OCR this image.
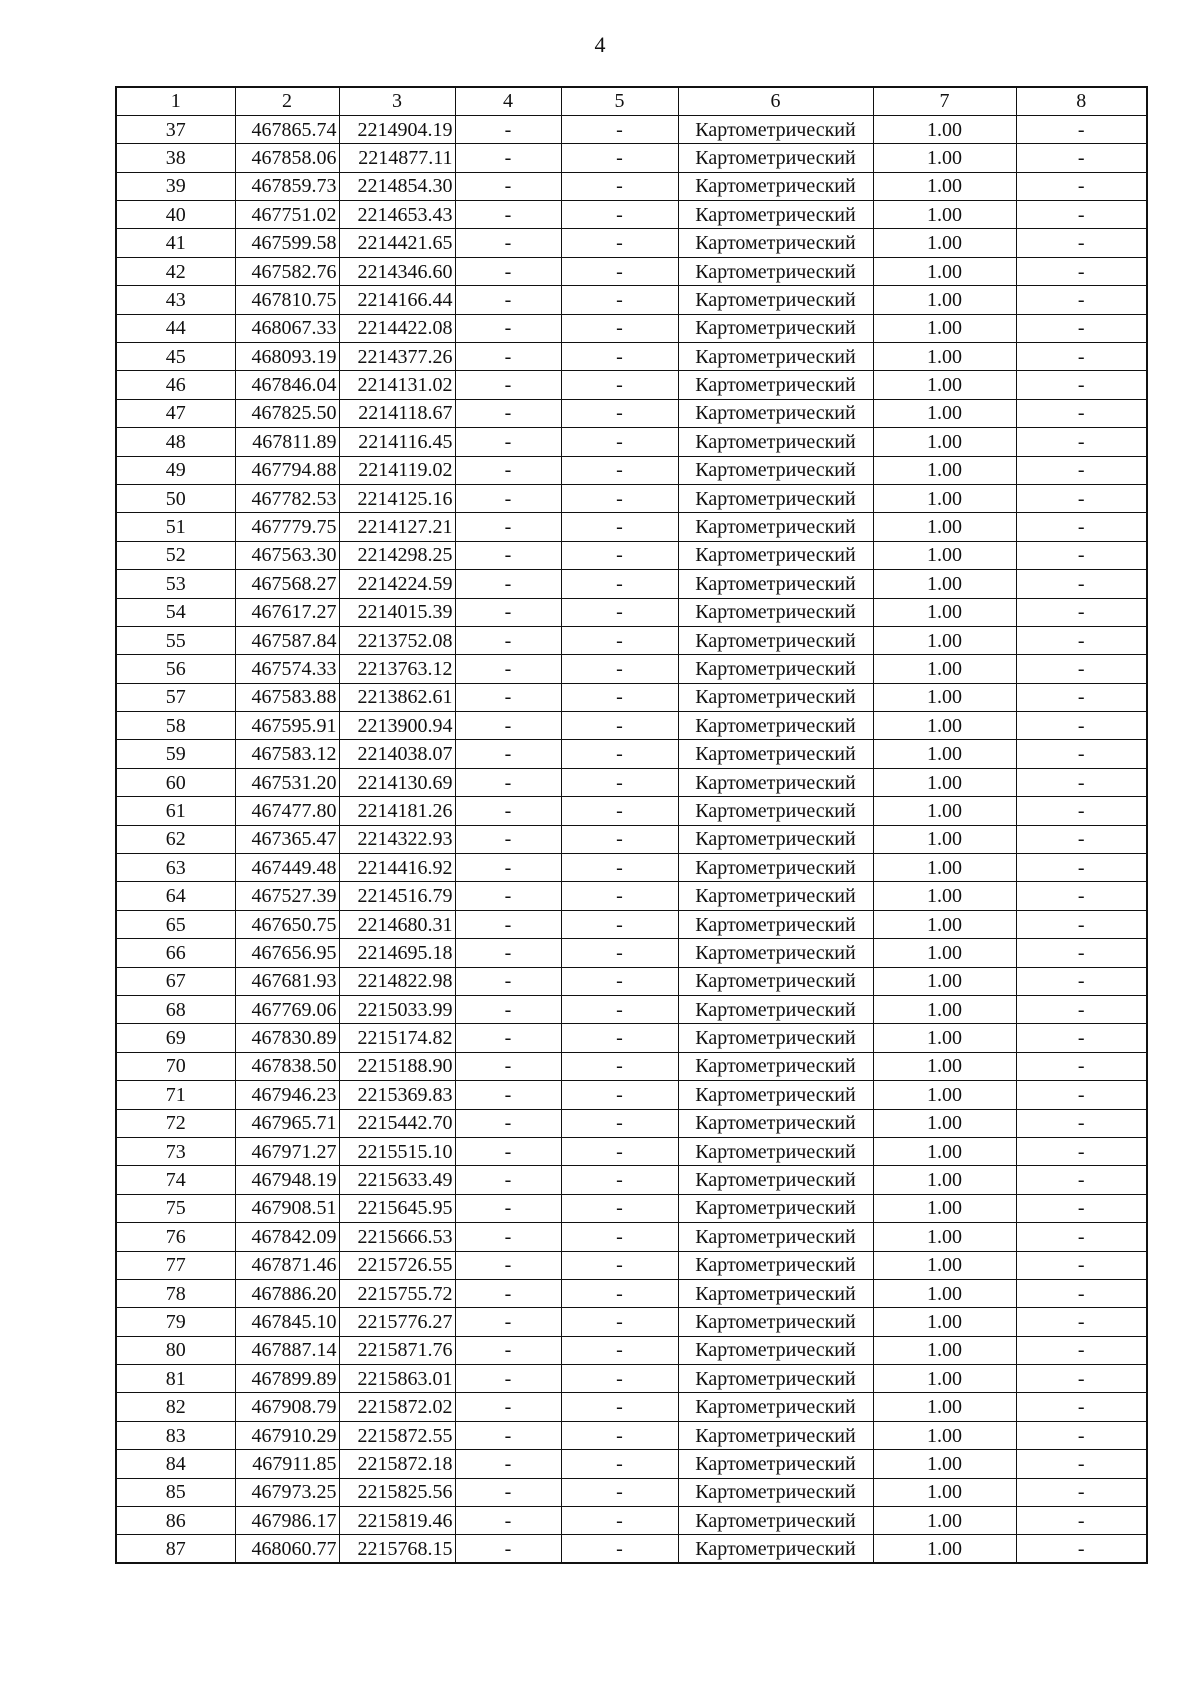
4
1	2	3	4	5	6	7	8
37	467865.74	2214904.19	-	-	Картометрический	1.00	-
38	467858.06	2214877.11	-	-	Картометрический	1.00	-
39	467859.73	2214854.30	-	-	Картометрический	1.00	-
40	467751.02	2214653.43	-	-	Картометрический	1.00	-
41	467599.58	2214421.65	-	-	Картометрический	1.00	-
42	467582.76	2214346.60	-	-	Картометрический	1.00	-
43	467810.75	2214166.44	-	-	Картометрический	1.00	-
44	468067.33	2214422.08	-	-	Картометрический	1.00	-
45	468093.19	2214377.26	-	-	Картометрический	1.00	-
46	467846.04	2214131.02	-	-	Картометрический	1.00	-
47	467825.50	2214118.67	-	-	Картометрический	1.00	-
48	467811.89	2214116.45	-	-	Картометрический	1.00	-
49	467794.88	2214119.02	-	-	Картометрический	1.00	-
50	467782.53	2214125.16	-	-	Картометрический	1.00	-
51	467779.75	2214127.21	-	-	Картометрический	1.00	-
52	467563.30	2214298.25	-	-	Картометрический	1.00	-
53	467568.27	2214224.59	-	-	Картометрический	1.00	-
54	467617.27	2214015.39	-	-	Картометрический	1.00	-
55	467587.84	2213752.08	-	-	Картометрический	1.00	-
56	467574.33	2213763.12	-	-	Картометрический	1.00	-
57	467583.88	2213862.61	-	-	Картометрический	1.00	-
58	467595.91	2213900.94	-	-	Картометрический	1.00	-
59	467583.12	2214038.07	-	-	Картометрический	1.00	-
60	467531.20	2214130.69	-	-	Картометрический	1.00	-
61	467477.80	2214181.26	-	-	Картометрический	1.00	-
62	467365.47	2214322.93	-	-	Картометрический	1.00	-
63	467449.48	2214416.92	-	-	Картометрический	1.00	-
64	467527.39	2214516.79	-	-	Картометрический	1.00	-
65	467650.75	2214680.31	-	-	Картометрический	1.00	-
66	467656.95	2214695.18	-	-	Картометрический	1.00	-
67	467681.93	2214822.98	-	-	Картометрический	1.00	-
68	467769.06	2215033.99	-	-	Картометрический	1.00	-
69	467830.89	2215174.82	-	-	Картометрический	1.00	-
70	467838.50	2215188.90	-	-	Картометрический	1.00	-
71	467946.23	2215369.83	-	-	Картометрический	1.00	-
72	467965.71	2215442.70	-	-	Картометрический	1.00	-
73	467971.27	2215515.10	-	-	Картометрический	1.00	-
74	467948.19	2215633.49	-	-	Картометрический	1.00	-
75	467908.51	2215645.95	-	-	Картометрический	1.00	-
76	467842.09	2215666.53	-	-	Картометрический	1.00	-
77	467871.46	2215726.55	-	-	Картометрический	1.00	-
78	467886.20	2215755.72	-	-	Картометрический	1.00	-
79	467845.10	2215776.27	-	-	Картометрический	1.00	-
80	467887.14	2215871.76	-	-	Картометрический	1.00	-
81	467899.89	2215863.01	-	-	Картометрический	1.00	-
82	467908.79	2215872.02	-	-	Картометрический	1.00	-
83	467910.29	2215872.55	-	-	Картометрический	1.00	-
84	467911.85	2215872.18	-	-	Картометрический	1.00	-
85	467973.25	2215825.56	-	-	Картометрический	1.00	-
86	467986.17	2215819.46	-	-	Картометрический	1.00	-
87	468060.77	2215768.15	-	-	Картометрический	1.00	-
